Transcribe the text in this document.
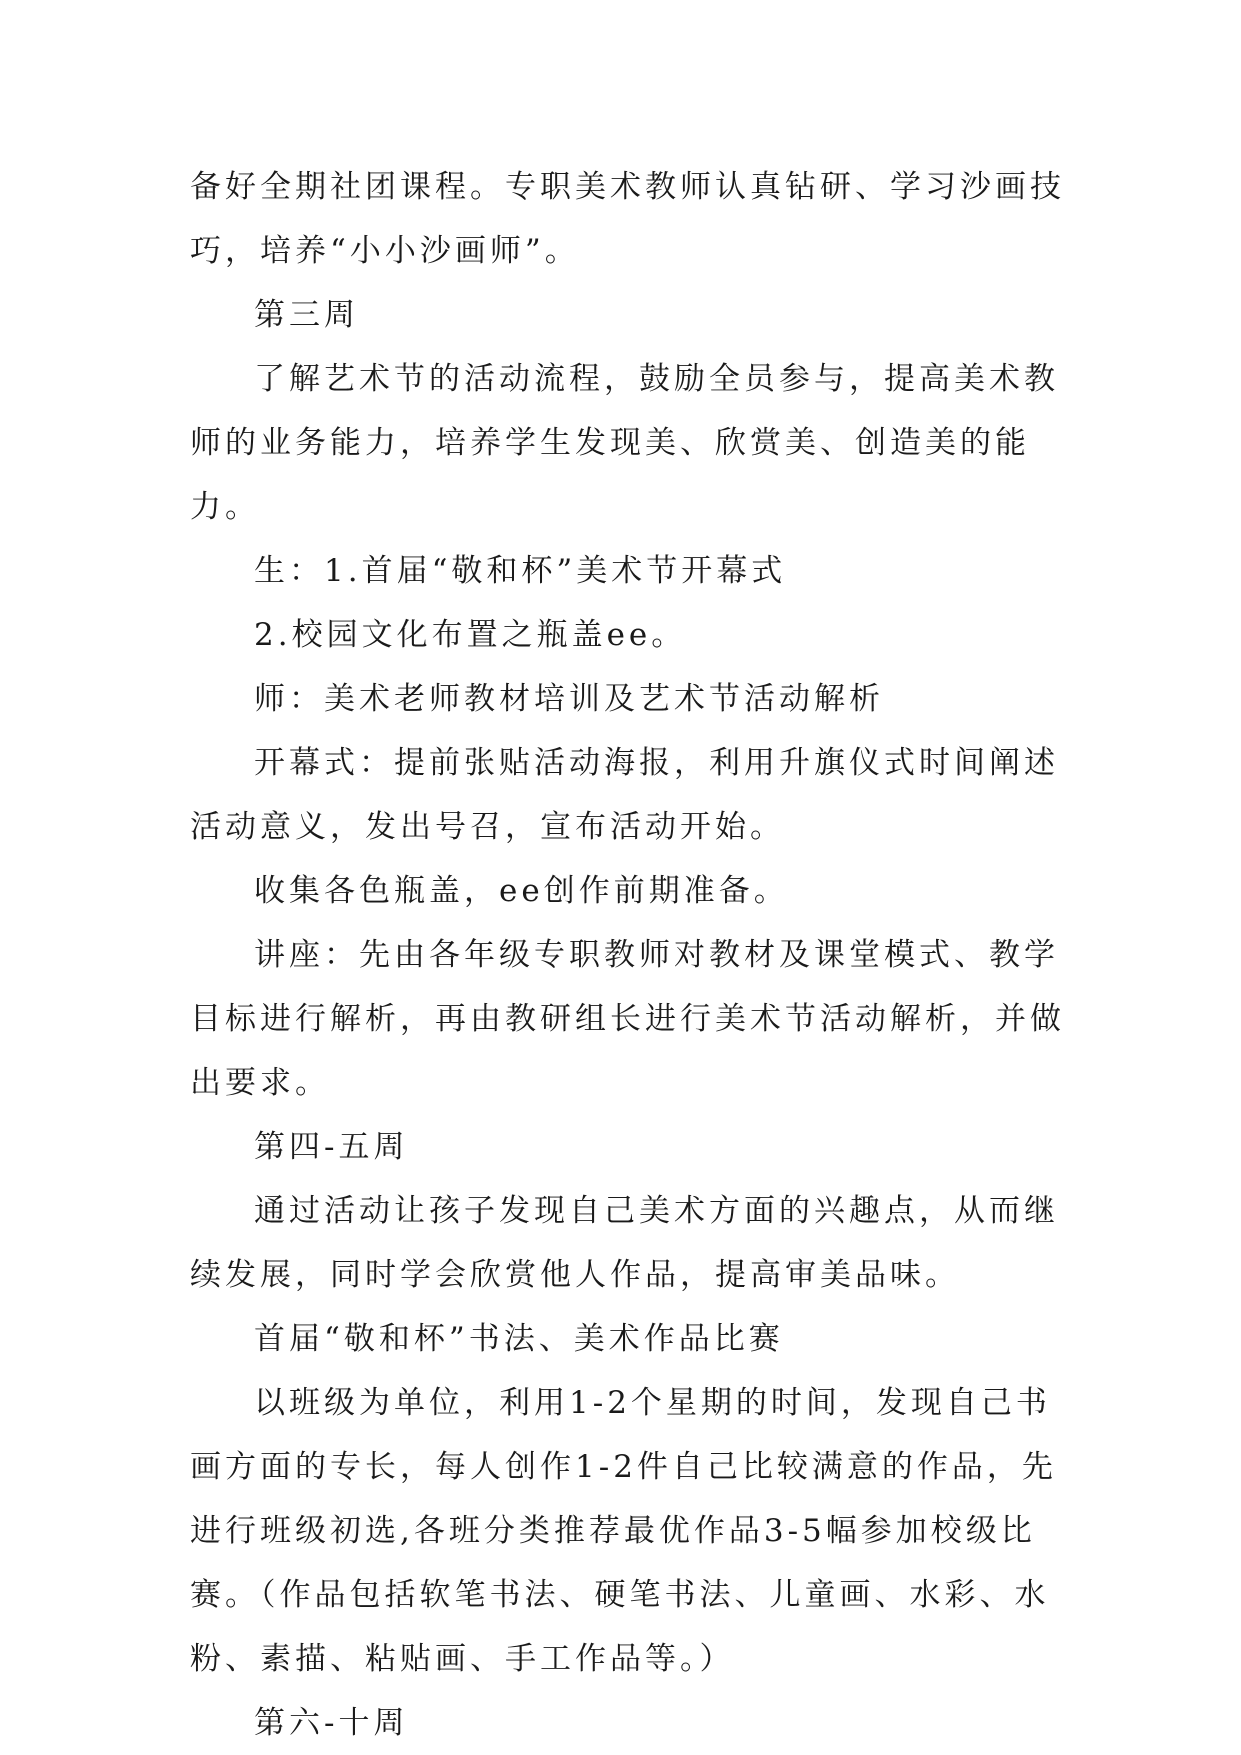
备好全期社团课程。专职美术教师认真钻研、学习沙画技巧，培养“小小沙画师”。

第三周

了解艺术节的活动流程，鼓励全员参与，提高美术教师的业务能力，培养学生发现美、欣赏美、创造美的能力。

生：1.首届“敬和杯”美术节开幕式

2.校园文化布置之瓶盖ee。

师：美术老师教材培训及艺术节活动解析

开幕式：提前张贴活动海报，利用升旗仪式时间阐述活动意义，发出号召，宣布活动开始。

收集各色瓶盖，ee创作前期准备。

讲座：先由各年级专职教师对教材及课堂模式、教学目标进行解析，再由教研组长进行美术节活动解析，并做出要求。

第四-五周

通过活动让孩子发现自己美术方面的兴趣点，从而继续发展，同时学会欣赏他人作品，提高审美品味。

首届“敬和杯”书法、美术作品比赛

以班级为单位，利用1-2个星期的时间，发现自己书画方面的专长，每人创作1-2件自己比较满意的作品，先进行班级初选,各班分类推荐最优作品3-5幅参加校级比赛。（作品包括软笔书法、硬笔书法、儿童画、水彩、水粉、素描、粘贴画、手工作品等。）

第六-十周
